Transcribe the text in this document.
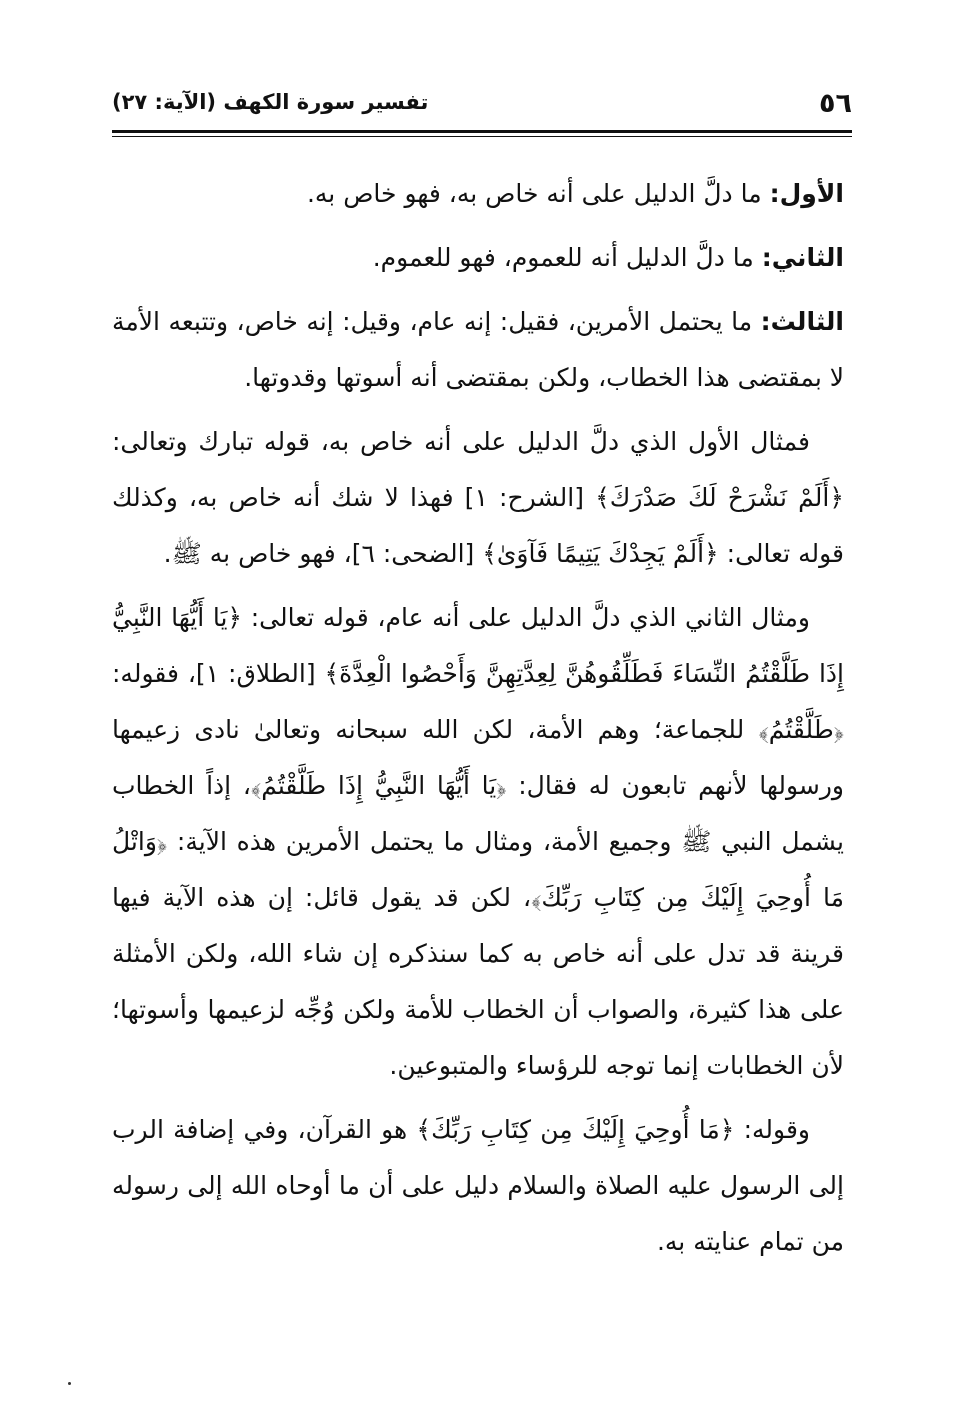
٥٦
تفسير سورة الكهف (الآية: ٢٧)

الأول: ما دلَّ الدليل على أنه خاص به، فهو خاص به.

الثاني: ما دلَّ الدليل أنه للعموم، فهو للعموم.

الثالث: ما يحتمل الأمرين، فقيل: إنه عام، وقيل: إنه خاص، وتتبعه الأمة لا بمقتضى هذا الخطاب، ولكن بمقتضى أنه أسوتها وقدوتها.

فمثال الأول الذي دلَّ الدليل على أنه خاص به، قوله تبارك وتعالى: ﴿أَلَمْ نَشْرَحْ لَكَ صَدْرَكَ﴾ [الشرح: ١] فهذا لا شك أنه خاص به، وكذلك قوله تعالى: ﴿أَلَمْ يَجِدْكَ يَتِيمًا فَآوَىٰ﴾ [الضحى: ٦]، فهو خاص به ﷺ.

ومثال الثاني الذي دلَّ الدليل على أنه عام، قوله تعالى: ﴿يَا أَيُّهَا النَّبِيُّ إِذَا طَلَّقْتُمُ النِّسَاءَ فَطَلِّقُوهُنَّ لِعِدَّتِهِنَّ وَأَحْصُوا الْعِدَّةَ﴾ [الطلاق: ١]، فقوله: ﴿طَلَّقْتُمُ﴾ للجماعة؛ وهم الأمة، لكن الله سبحانه وتعالىٰ نادى زعيمها ورسولها لأنهم تابعون له فقال: ﴿يَا أَيُّهَا النَّبِيُّ إِذَا طَلَّقْتُمُ﴾، إذاً الخطاب يشمل النبي ﷺ وجميع الأمة، ومثال ما يحتمل الأمرين هذه الآية: ﴿وَاتْلُ مَا أُوحِيَ إِلَيْكَ مِن كِتَابِ رَبِّكَ﴾، لكن قد يقول قائل: إن هذه الآية فيها قرينة قد تدل على أنه خاص به كما سنذكره إن شاء الله، ولكن الأمثلة على هذا كثيرة، والصواب أن الخطاب للأمة ولكن وُجِّه لزعيمها وأسوتها؛ لأن الخطابات إنما توجه للرؤساء والمتبوعين.

وقوله: ﴿مَا أُوحِيَ إِلَيْكَ مِن كِتَابِ رَبِّكَ﴾ هو القرآن، وفي إضافة الرب إلى الرسول عليه الصلاة والسلام دليل على أن ما أوحاه الله إلى رسوله من تمام عنايته به.
